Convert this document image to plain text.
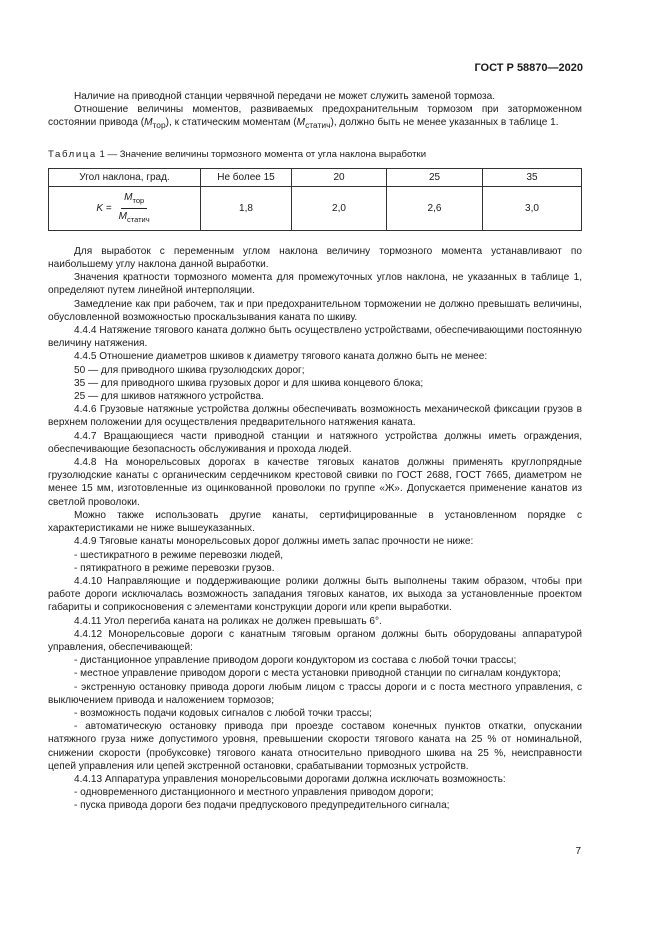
ГОСТ Р 58870—2020

Наличие на приводной станции червячной передачи не может служить заменой тормоза.

Отношение величины моментов, развиваемых предохранительным тормозом при заторможенном состоянии привода $(M_{тор})$, к статическим моментам $(M_{статич})$, должно быть не менее указанных в таблице 1.

Таблица 1 — Значение величины тормозного момента от угла наклона выработки

Угол наклона, град.	Не более 15	20	25	35

K
= $\frac{M_{тор}}{M_{статич}}$	1,8	2,0	2,6	3,0

Для выработок с переменным углом наклона величину тормозного момента устанавливают по наибольшему углу наклона данной выработки.

Значения кратности тормозного момента для промежуточных углов наклона, не указанных в таблице 1, определяют путем линейной интерполяции.

Замедление как при рабочем, так и при предохранительном торможении не должно превышать величины, обусловленной возможностью проскальзывания каната по шкиву.

4.4.4 Натяжение тягового каната должно быть осуществлено устройствами, обеспечивающими постоянную величину натяжения.

4.4.5 Отношение диаметров шкивов к диаметру тягового каната должно быть не менее:

50 — для приводного шкива грузолюдских дорог;

35 — для приводного шкива грузовых дорог и для шкива концевого блока;

25 — для шкивов натяжного устройства.

4.4.6 Грузовые натяжные устройства должны обеспечивать возможность механической фиксации грузов в верхнем положении для осуществления предварительного натяжения каната.

4.4.7 Вращающиеся части приводной станции и натяжного устройства должны иметь ограждения, обеспечивающие безопасность обслуживания и прохода людей.

4.4.8 На монорельсовых дорогах в качестве тяговых канатов должны применять круглопрядные грузолюдские канаты с органическим сердечником крестовой свивки по ГОСТ 2688, ГОСТ 7665, диаметром не менее 15 мм, изготовленные из оцинкованной проволоки по группе «Ж». Допускается применение канатов из светлой проволоки.

Можно также использовать другие канаты, сертифицированные в установленном порядке с характеристиками не ниже вышеуказанных.

4.4.9 Тяговые канаты монорельсовых дорог должны иметь запас прочности не ниже:

- шестикратного в режиме перевозки людей,

- пятикратного в режиме перевозки грузов.

4.4.10 Направляющие и поддерживающие ролики должны быть выполнены таким образом, чтобы при работе дороги исключалась возможность западания тяговых канатов, их выхода за установленные проектом габариты и соприкосновения с элементами конструкции дороги или крепи выработки.

4.4.11 Угол перегиба каната на роликах не должен превышать 6°.

4.4.12 Монорельсовые дороги с канатным тяговым органом должны быть оборудованы аппаратурой управления, обеспечивающей:

- дистанционное управление приводом дороги кондуктором из состава с любой точки трассы;

- местное управление приводом дороги с места установки приводной станции по сигналам кондуктора;

- экстренную остановку привода дороги любым лицом с трассы дороги и с поста местного управления, с выключением привода и наложением тормозов;

- возможность подачи кодовых сигналов с любой точки трассы;

- автоматическую остановку привода при проезде составом конечных пунктов откатки, опускании натяжного груза ниже допустимого уровня, превышении скорости тягового каната на 25 % от номинальной, снижении скорости (пробуксовке) тягового каната относительно приводного шкива на 25 %, неисправности цепей управления или цепей экстренной остановки, срабатывании тормозных устройств.

4.4.13 Аппаратура управления монорельсовыми дорогами должна исключать возможность:

- одновременного дистанционного и местного управления приводом дороги;

- пуска привода дороги без подачи предпускового предупредительного сигнала;

7
